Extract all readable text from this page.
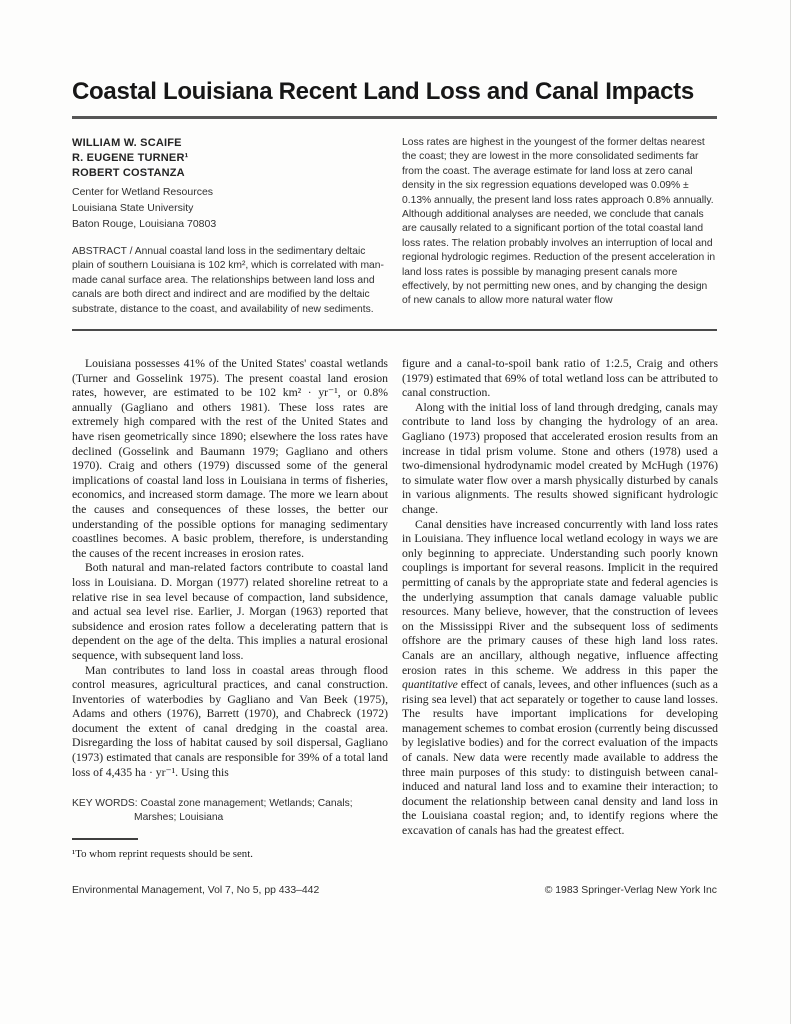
Coastal Louisiana Recent Land Loss and Canal Impacts
WILLIAM W. SCAIFE
R. EUGENE TURNER¹
ROBERT COSTANZA
Center for Wetland Resources
Louisiana State University
Baton Rouge, Louisiana 70803

ABSTRACT / Annual coastal land loss in the sedimentary deltaic plain of southern Louisiana is 102 km², which is correlated with man-made canal surface area. The relationships between land loss and canals are both direct and indirect and are modified by the deltaic substrate, distance to the coast, and availability of new sediments.

Loss rates are highest in the youngest of the former deltas nearest the coast; they are lowest in the more consolidated sediments far from the coast. The average estimate for land loss at zero canal density in the six regression equations developed was 0.09% ± 0.13% annually, the present land loss rates approach 0.8% annually. Although additional analyses are needed, we conclude that canals are causally related to a significant portion of the total coastal land loss rates. The relation probably involves an interruption of local and regional hydrologic regimes. Reduction of the present acceleration in land loss rates is possible by managing present canals more effectively, by not permitting new ones, and by changing the design of new canals to allow more natural water flow

Louisiana possesses 41% of the United States' coastal wetlands (Turner and Gosselink 1975). The present coastal land erosion rates, however, are estimated to be 102 km² · yr⁻¹, or 0.8% annually (Gagliano and others 1981). These loss rates are extremely high compared with the rest of the United States and have risen geometrically since 1890; elsewhere the loss rates have declined (Gosselink and Baumann 1979; Gagliano and others 1970). Craig and others (1979) discussed some of the general implications of coastal land loss in Louisiana in terms of fisheries, economics, and increased storm damage. The more we learn about the causes and consequences of these losses, the better our understanding of the possible options for managing sedimentary coastlines becomes. A basic problem, therefore, is understanding the causes of the recent increases in erosion rates.

Both natural and man-related factors contribute to coastal land loss in Louisiana. D. Morgan (1977) related shoreline retreat to a relative rise in sea level because of compaction, land subsidence, and actual sea level rise. Earlier, J. Morgan (1963) reported that subsidence and erosion rates follow a decelerating pattern that is dependent on the age of the delta. This implies a natural erosional sequence, with subsequent land loss.

Man contributes to land loss in coastal areas through flood control measures, agricultural practices, and canal construction. Inventories of waterbodies by Gagliano and Van Beek (1975), Adams and others (1976), Barrett (1970), and Chabreck (1972) document the extent of canal dredging in the coastal area. Disregarding the loss of habitat caused by soil dispersal, Gagliano (1973) estimated that canals are responsible for 39% of a total land loss of 4,435 ha · yr⁻¹. Using this

KEY WORDS: Coastal zone management; Wetlands; Canals; Marshes; Louisiana

¹To whom reprint requests should be sent.

figure and a canal-to-spoil bank ratio of 1:2.5, Craig and others (1979) estimated that 69% of total wetland loss can be attributed to canal construction.

Along with the initial loss of land through dredging, canals may contribute to land loss by changing the hydrology of an area. Gagliano (1973) proposed that accelerated erosion results from an increase in tidal prism volume. Stone and others (1978) used a two-dimensional hydrodynamic model created by McHugh (1976) to simulate water flow over a marsh physically disturbed by canals in various alignments. The results showed significant hydrologic change.

Canal densities have increased concurrently with land loss rates in Louisiana. They influence local wetland ecology in ways we are only beginning to appreciate. Understanding such poorly known couplings is important for several reasons. Implicit in the required permitting of canals by the appropriate state and federal agencies is the underlying assumption that canals damage valuable public resources. Many believe, however, that the construction of levees on the Mississippi River and the subsequent loss of sediments offshore are the primary causes of these high land loss rates. Canals are an ancillary, although negative, influence affecting erosion rates in this scheme. We address in this paper the quantitative effect of canals, levees, and other influences (such as a rising sea level) that act separately or together to cause land losses. The results have important implications for developing management schemes to combat erosion (currently being discussed by legislative bodies) and for the correct evaluation of the impacts of canals. New data were recently made available to address the three main purposes of this study: to distinguish between canal-induced and natural land loss and to examine their interaction; to document the relationship between canal density and land loss in the Louisiana coastal region; and, to identify regions where the excavation of canals has had the greatest effect.

Environmental Management, Vol 7, No 5, pp 433–442	© 1983 Springer-Verlag New York Inc
